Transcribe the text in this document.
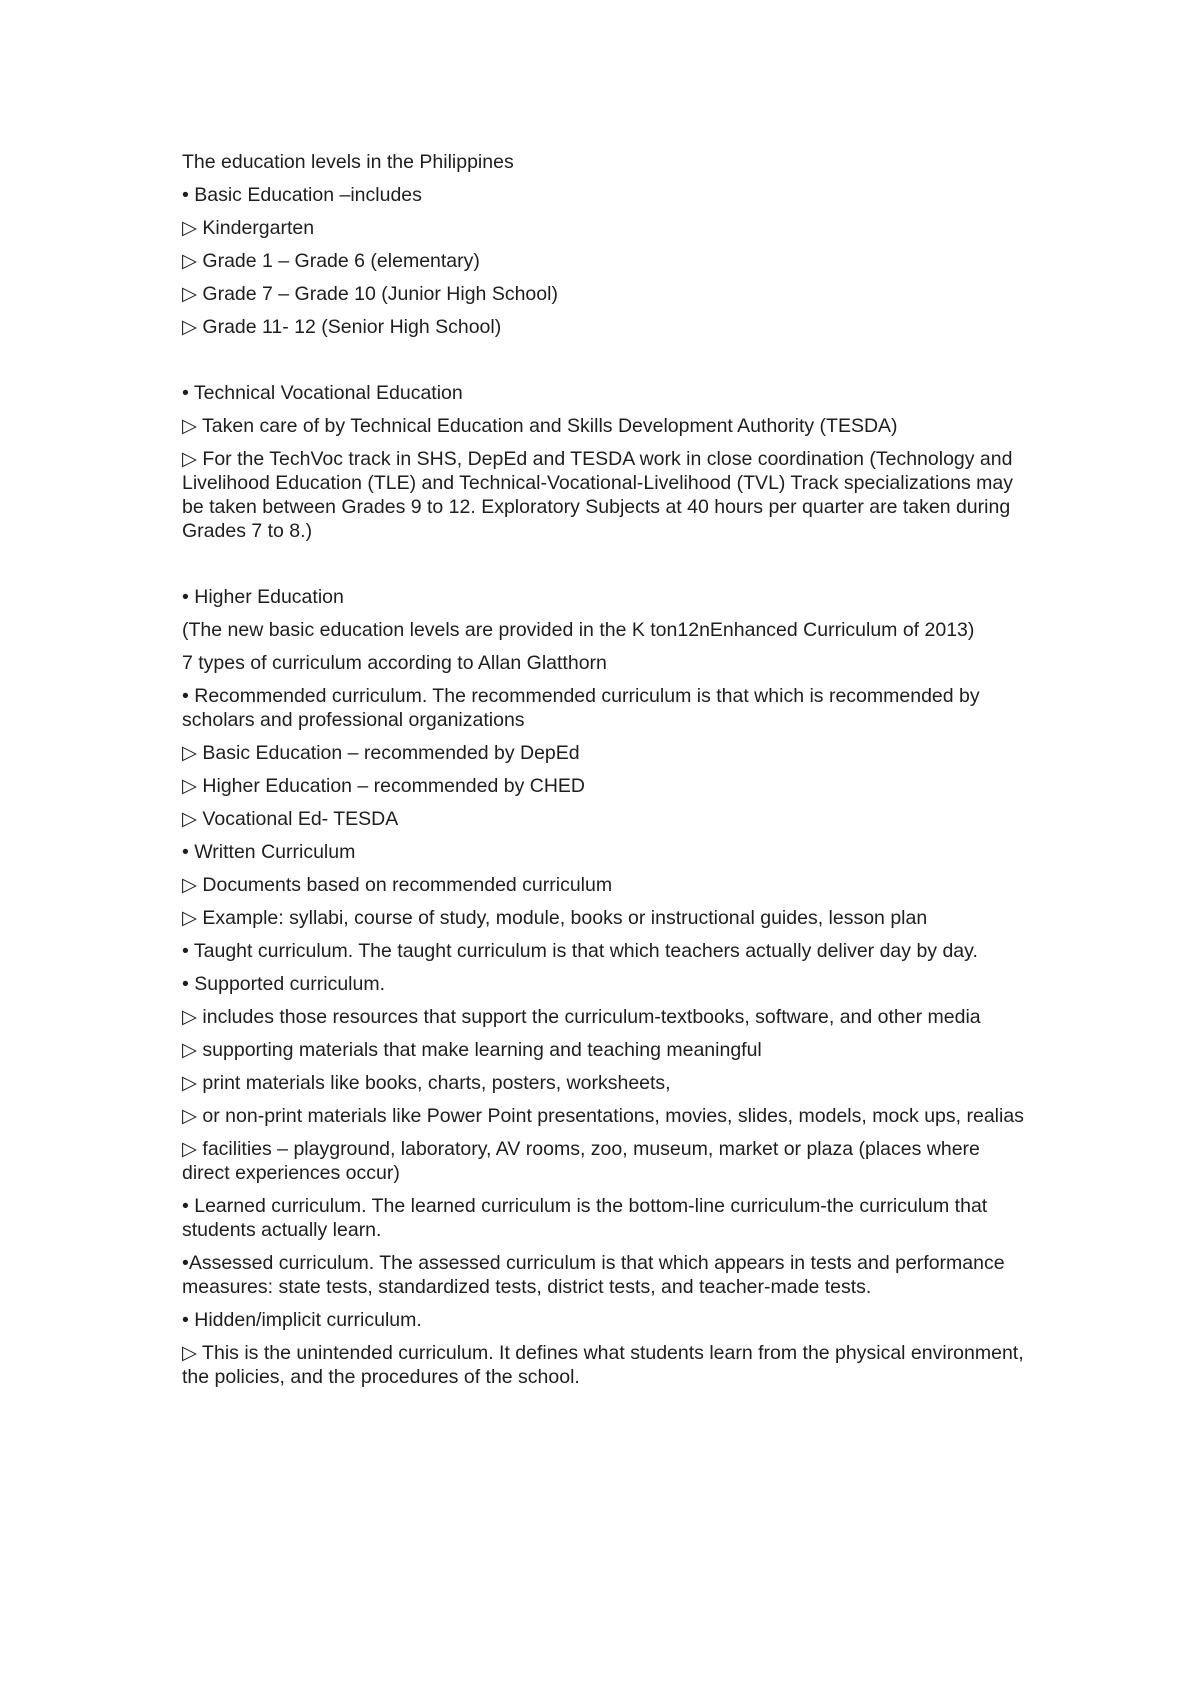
The education levels in the Philippines

• Basic Education –includes

▷ Kindergarten

▷ Grade 1 – Grade 6 (elementary)

▷ Grade 7 – Grade 10 (Junior High School)

▷ Grade 11- 12 (Senior High School)

• Technical Vocational Education

▷ Taken care of by Technical Education and Skills Development Authority (TESDA)

▷ For the TechVoc track in SHS, DepEd and TESDA work in close coordination (Technology and Livelihood Education (TLE) and Technical-Vocational-Livelihood (TVL) Track specializations may be taken between Grades 9 to 12. Exploratory Subjects at 40 hours per quarter are taken during Grades 7 to 8.)

• Higher Education

(The new basic education levels are provided in the K ton12nEnhanced Curriculum of 2013)

7 types of curriculum according to Allan Glatthorn

• Recommended curriculum. The recommended curriculum is that which is recommended by scholars and professional organizations

▷ Basic Education – recommended by DepEd

▷ Higher Education – recommended by CHED

▷ Vocational Ed- TESDA

• Written Curriculum

▷ Documents based on recommended curriculum

▷ Example: syllabi, course of study, module, books or instructional guides, lesson plan

• Taught curriculum. The taught curriculum is that which teachers actually deliver day by day.

• Supported curriculum.

▷ includes those resources that support the curriculum-textbooks, software, and other media

▷ supporting materials that make learning and teaching meaningful

▷ print materials like books, charts, posters, worksheets,

▷ or non-print materials like Power Point presentations, movies, slides, models, mock ups, realias

▷ facilities – playground, laboratory, AV rooms, zoo, museum, market or plaza (places where direct experiences occur)

• Learned curriculum. The learned curriculum is the bottom-line curriculum-the curriculum that students actually learn.

•Assessed curriculum. The assessed curriculum is that which appears in tests and performance measures: state tests, standardized tests, district tests, and teacher-made tests.

• Hidden/implicit curriculum.

▷ This is the unintended curriculum. It defines what students learn from the physical environment, the policies, and the procedures of the school.
